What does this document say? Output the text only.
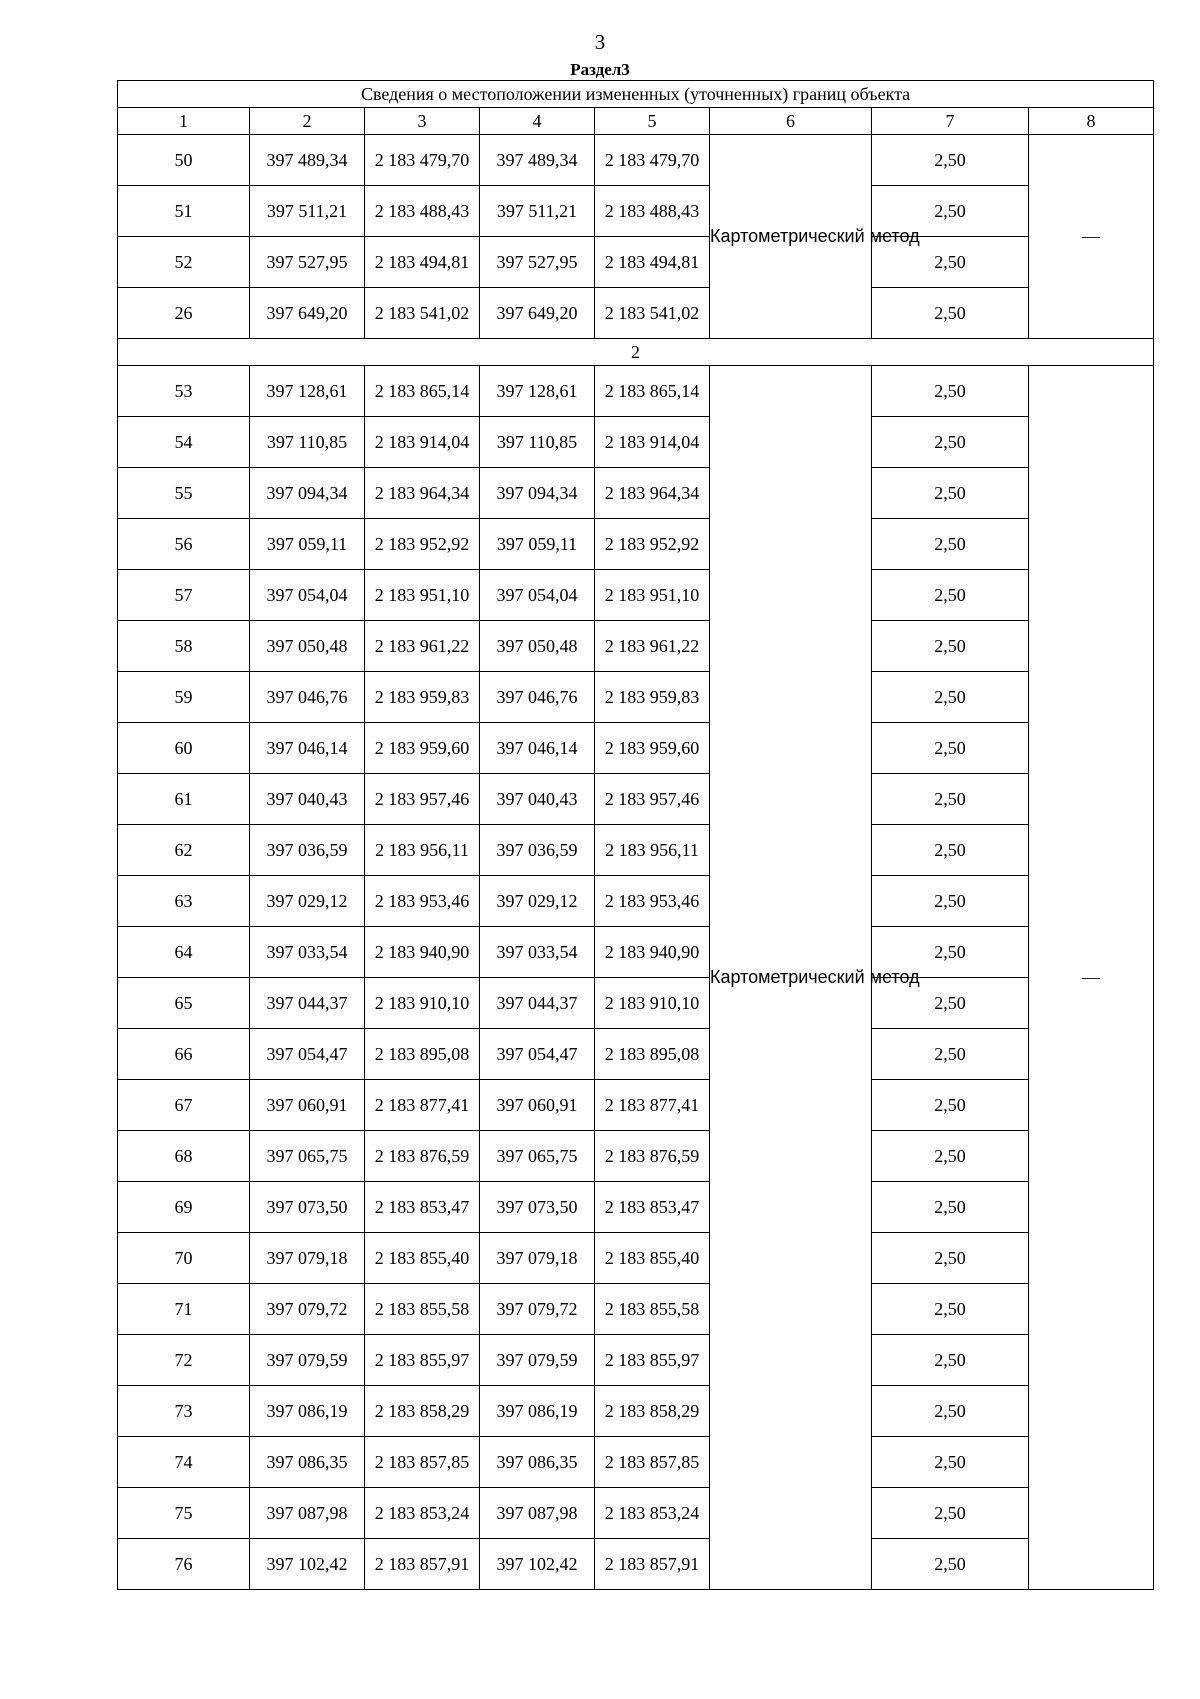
3
Раздел3
Сведения о местоположении измененных (уточненных) границ объекта							
1	2	3	4	5	6	7	8
50	397 489,34	2 183 479,70	397 489,34	2 183 479,70	Картометрический метод	2,50	—
51	397 511,21	2 183 488,43	397 511,21	2 183 488,43		2,50	
52	397 527,95	2 183 494,81	397 527,95	2 183 494,81		2,50	
26	397 649,20	2 183 541,02	397 649,20	2 183 541,02		2,50	
2							
53	397 128,61	2 183 865,14	397 128,61	2 183 865,14	Картометрический метод	2,50	—
54	397 110,85	2 183 914,04	397 110,85	2 183 914,04		2,50	
55	397 094,34	2 183 964,34	397 094,34	2 183 964,34		2,50	
56	397 059,11	2 183 952,92	397 059,11	2 183 952,92		2,50	
57	397 054,04	2 183 951,10	397 054,04	2 183 951,10		2,50	
58	397 050,48	2 183 961,22	397 050,48	2 183 961,22		2,50	
59	397 046,76	2 183 959,83	397 046,76	2 183 959,83		2,50	
60	397 046,14	2 183 959,60	397 046,14	2 183 959,60		2,50	
61	397 040,43	2 183 957,46	397 040,43	2 183 957,46		2,50	
62	397 036,59	2 183 956,11	397 036,59	2 183 956,11		2,50	
63	397 029,12	2 183 953,46	397 029,12	2 183 953,46		2,50	
64	397 033,54	2 183 940,90	397 033,54	2 183 940,90		2,50	
65	397 044,37	2 183 910,10	397 044,37	2 183 910,10		2,50	
66	397 054,47	2 183 895,08	397 054,47	2 183 895,08		2,50	
67	397 060,91	2 183 877,41	397 060,91	2 183 877,41		2,50	
68	397 065,75	2 183 876,59	397 065,75	2 183 876,59		2,50	
69	397 073,50	2 183 853,47	397 073,50	2 183 853,47		2,50	
70	397 079,18	2 183 855,40	397 079,18	2 183 855,40		2,50	
71	397 079,72	2 183 855,58	397 079,72	2 183 855,58		2,50	
72	397 079,59	2 183 855,97	397 079,59	2 183 855,97		2,50	
73	397 086,19	2 183 858,29	397 086,19	2 183 858,29		2,50	
74	397 086,35	2 183 857,85	397 086,35	2 183 857,85		2,50	
75	397 087,98	2 183 853,24	397 087,98	2 183 853,24		2,50	
76	397 102,42	2 183 857,91	397 102,42	2 183 857,91		2,50	
